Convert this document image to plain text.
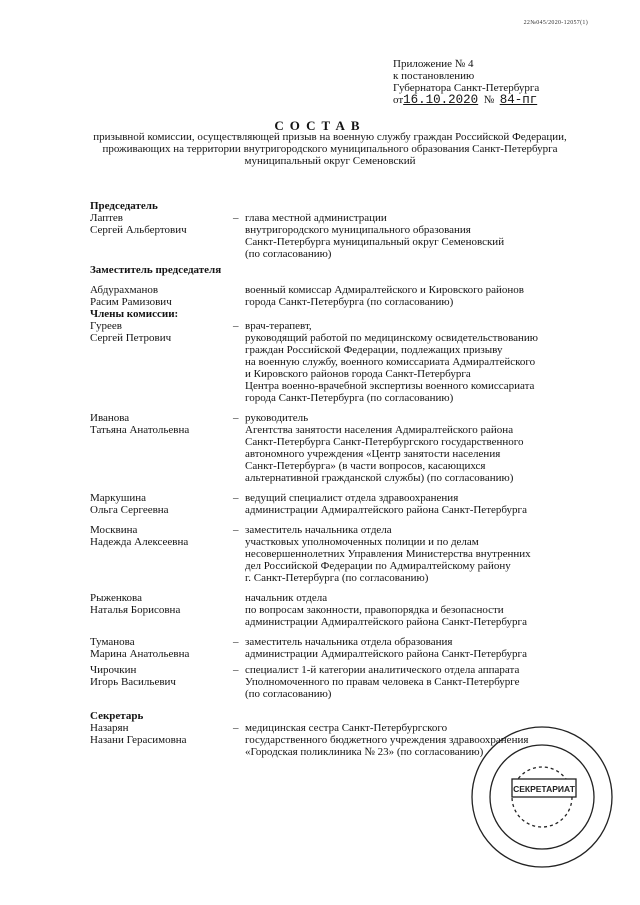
22№045/2020-12057(1)
Приложение № 4
к постановлению
Губернатора Санкт-Петербурга
от16.10.2020 № 84-пг
СОСТАВ
призывной комиссии, осуществляющей призыв на военную службу граждан Российской Федерации, проживающих на территории внутригородского муниципального образования Санкт-Петербурга муниципальный округ Семеновский
Председатель
Лаптев	– глава местной администрации
Сергей Альбертович	внутригородского муниципального образования
Санкт-Петербурга муниципальный округ Семеновский
(по согласованию)
Заместитель председателя
Абдурахманов	военный комиссар Адмиралтейского и Кировского районов
Расим Рамизович	города Санкт-Петербурга (по согласованию)
Члены комиссии:
Гуреев	– врач-терапевт,
Сергей Петрович	руководящий работой по медицинскому освидетельствованию
граждан Российской Федерации, подлежащих призыву
на военную службу, военного комиссариата Адмиралтейского
и Кировского районов города Санкт-Петербурга
Центра военно-врачебной экспертизы военного комиссариата
города Санкт-Петербурга (по согласованию)
Иванова	– руководитель
Татьяна Анатольевна	Агентства занятости населения Адмиралтейского района
Санкт-Петербурга Санкт-Петербургского государственного
автономного учреждения «Центр занятости населения
Санкт-Петербурга» (в части вопросов, касающихся
альтернативной гражданской службы) (по согласованию)
Маркушина	– ведущий специалист отдела здравоохранения
Ольга Сергеевна	администрации Адмиралтейского района Санкт-Петербурга
Москвина	– заместитель начальника отдела
Надежда Алексеевна	участковых уполномоченных полиции и по делам
несовершеннолетних Управления Министерства внутренних
дел Российской Федерации по Адмиралтейскому району
г. Санкт-Петербурга (по согласованию)
Рыженкова	начальник отдела
Наталья Борисовна	по вопросам законности, правопорядка и безопасности
администрации Адмиралтейского района Санкт-Петербурга
Туманова	– заместитель начальника отдела образования
Марина Анатольевна	администрации Адмиралтейского района Санкт-Петербурга
Чирочкин	– специалист 1-й категории аналитического отдела аппарата
Игорь Васильевич	Уполномоченного по правам человека в Санкт-Петербурге
(по согласованию)
Секретарь
Назарян	– медицинская сестра Санкт-Петербургского
Назани Герасимовна	государственного бюджетного учреждения здравоохранения
«Городская поликлиника № 23» (по согласованию)
СЕКРЕТАРИАТ
